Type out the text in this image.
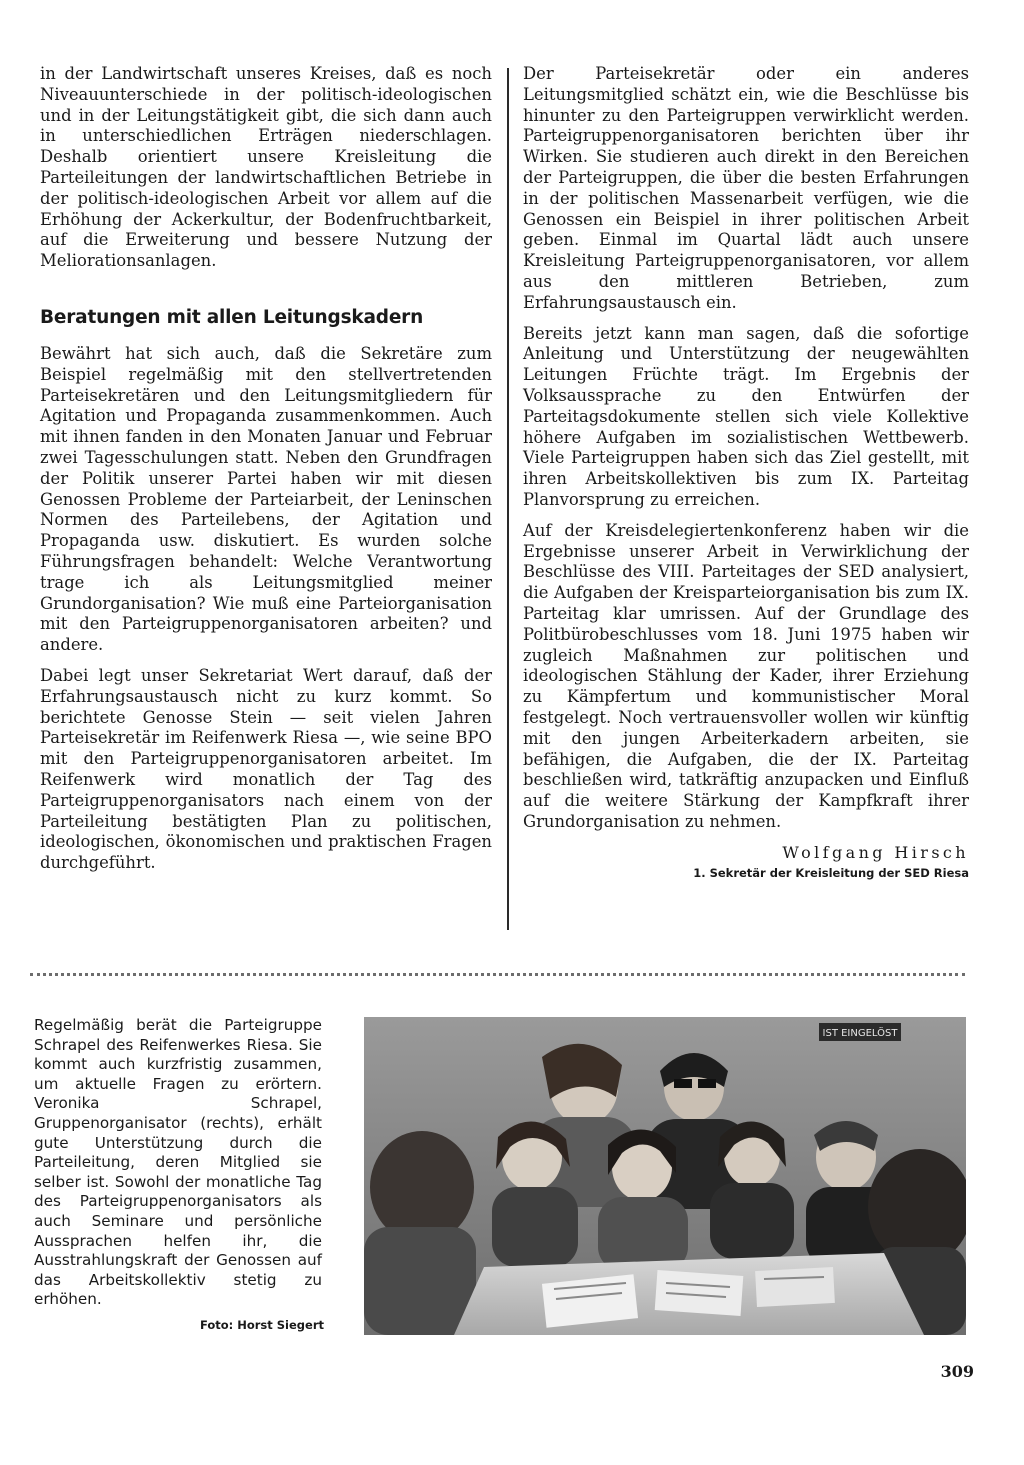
in der Landwirtschaft unseres Kreises, daß es noch Niveauunterschiede in der politisch-ideologischen und in der Leitungstätigkeit gibt, die sich dann auch in unterschiedlichen Erträgen niederschlagen. Deshalb orientiert unsere Kreisleitung die Parteileitungen der landwirtschaftlichen Betriebe in der politisch-ideologischen Arbeit vor allem auf die Erhöhung der Ackerkultur, der Bodenfruchtbarkeit, auf die Erweiterung und bessere Nutzung der Meliorationsanlagen.

Beratungen mit allen Leitungskadern

Bewährt hat sich auch, daß die Sekretäre zum Beispiel regelmäßig mit den stellvertretenden Parteisekretären und den Leitungsmitgliedern für Agitation und Propaganda zusammenkommen. Auch mit ihnen fanden in den Monaten Januar und Februar zwei Tagesschulungen statt. Neben den Grundfragen der Politik unserer Partei haben wir mit diesen Genossen Probleme der Parteiarbeit, der Leninschen Normen des Parteilebens, der Agitation und Propaganda usw. diskutiert. Es wurden solche Führungsfragen behandelt: Welche Verantwortung trage ich als Leitungsmitglied meiner Grundorganisation? Wie muß eine Parteiorganisation mit den Parteigruppenorganisatoren arbeiten? und andere.

Dabei legt unser Sekretariat Wert darauf, daß der Erfahrungsaustausch nicht zu kurz kommt. So berichtete Genosse Stein — seit vielen Jahren Parteisekretär im Reifenwerk Riesa —, wie seine BPO mit den Parteigruppenorganisatoren arbeitet. Im Reifenwerk wird monatlich der Tag des Parteigruppenorganisators nach einem von der Parteileitung bestätigten Plan zu politischen, ideologischen, ökonomischen und praktischen Fragen durchgeführt.

Der Parteisekretär oder ein anderes Leitungsmitglied schätzt ein, wie die Beschlüsse bis hinunter zu den Parteigruppen verwirklicht werden. Parteigruppenorganisatoren berichten über ihr Wirken. Sie studieren auch direkt in den Bereichen der Parteigruppen, die über die besten Erfahrungen in der politischen Massenarbeit verfügen, wie die Genossen ein Beispiel in ihrer politischen Arbeit geben. Einmal im Quartal lädt auch unsere Kreisleitung Parteigruppenorganisatoren, vor allem aus den mittleren Betrieben, zum Erfahrungsaustausch ein.

Bereits jetzt kann man sagen, daß die sofortige Anleitung und Unterstützung der neugewählten Leitungen Früchte trägt. Im Ergebnis der Volksaussprache zu den Entwürfen der Parteitagsdokumente stellen sich viele Kollektive höhere Aufgaben im sozialistischen Wettbewerb. Viele Parteigruppen haben sich das Ziel gestellt, mit ihren Arbeitskollektiven bis zum IX. Parteitag Planvorsprung zu erreichen.

Auf der Kreisdelegiertenkonferenz haben wir die Ergebnisse unserer Arbeit in Verwirklichung der Beschlüsse des VIII. Parteitages der SED analysiert, die Aufgaben der Kreisparteiorganisation bis zum IX. Parteitag klar umrissen. Auf der Grundlage des Politbürobeschlusses vom 18. Juni 1975 haben wir zugleich Maßnahmen zur politischen und ideologischen Stählung der Kader, ihrer Erziehung zu Kämpfertum und kommunistischer Moral festgelegt. Noch vertrauensvoller wollen wir künftig mit den jungen Arbeiterkadern arbeiten, sie befähigen, die Aufgaben, die der IX. Parteitag beschließen wird, tatkräftig anzupacken und Einfluß auf die weitere Stärkung der Kampfkraft ihrer Grundorganisation zu nehmen.

Wolfgang Hirsch
1. Sekretär der Kreisleitung der SED Riesa
Regelmäßig berät die Parteigruppe Schrapel des Reifenwerkes Riesa. Sie kommt auch kurzfristig zusammen, um aktuelle Fragen zu erörtern. Veronika Schrapel, Gruppenorganisator (rechts), erhält gute Unterstützung durch die Parteileitung, deren Mitglied sie selber ist. Sowohl der monatliche Tag des Parteigruppenorganisators als auch Seminare und persönliche Aussprachen helfen ihr, die Ausstrahlungskraft der Genossen auf das Arbeitskollektiv stetig zu erhöhen.
Foto: Horst Siegert
IST EINGELÖST
309
